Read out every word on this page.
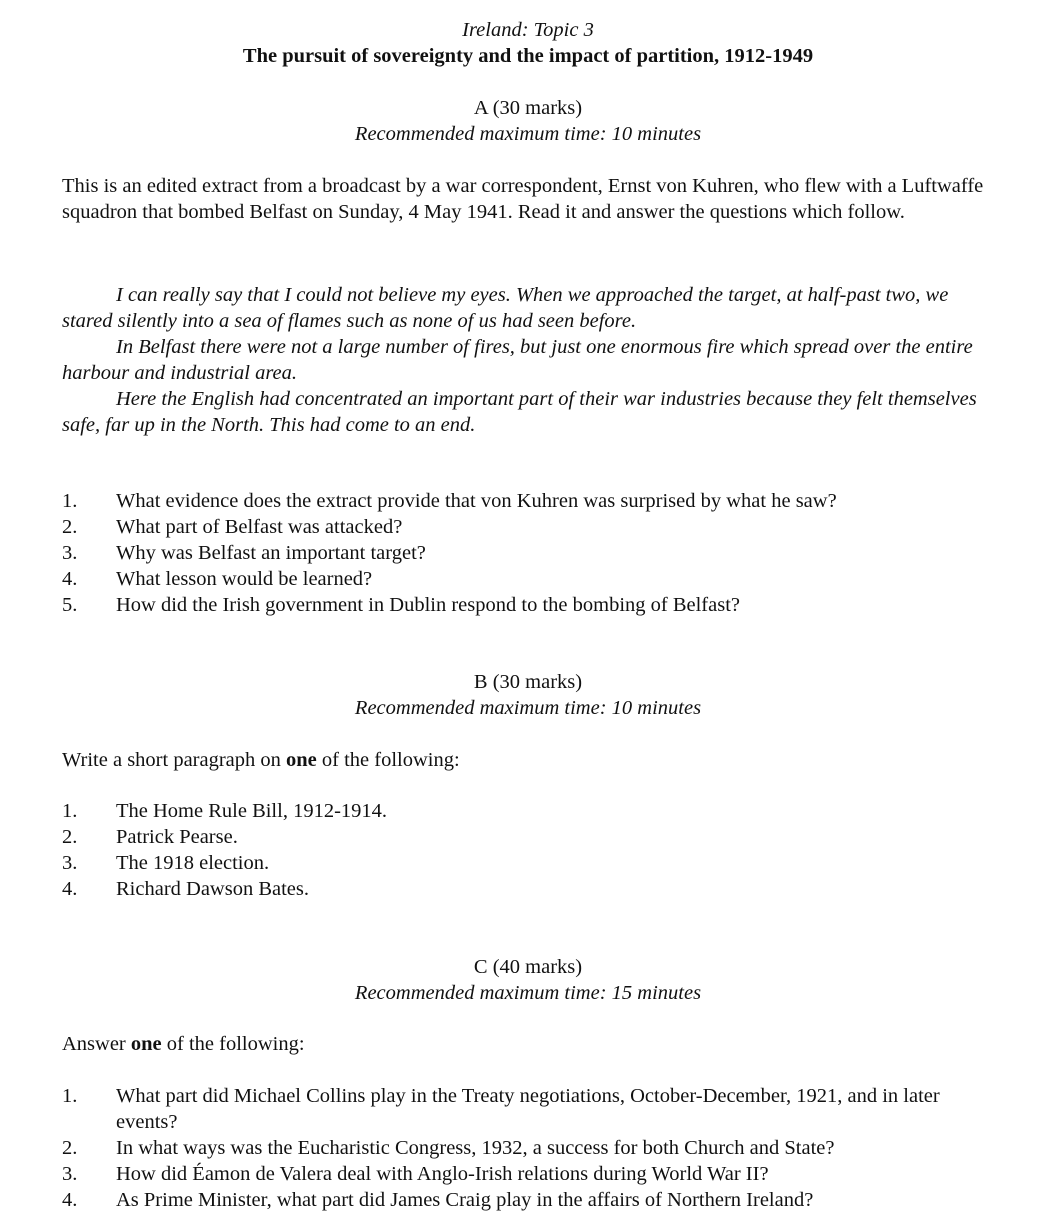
Ireland: Topic 3
The pursuit of sovereignty and the impact of partition, 1912-1949
A (30 marks)
Recommended maximum time: 10 minutes
This is an edited extract from a broadcast by a war correspondent, Ernst von Kuhren, who flew with a Luftwaffe squadron that bombed Belfast on Sunday, 4 May 1941. Read it and answer the questions which follow.

I can really say that I could not believe my eyes. When we approached the target, at half-past two, we stared silently into a sea of flames such as none of us had seen before.

In Belfast there were not a large number of fires, but just one enormous fire which spread over the entire harbour and industrial area.

Here the English had concentrated an important part of their war industries because they felt themselves safe, far up in the North. This had come to an end.

1.	What evidence does the extract provide that von Kuhren was surprised by what he saw?
2.	What part of Belfast was attacked?
3.	Why was Belfast an important target?
4.	What lesson would be learned?
5.	How did the Irish government in Dublin respond to the bombing of Belfast?
B (30 marks)
Recommended maximum time: 10 minutes
Write a short paragraph on one of the following:
1.	The Home Rule Bill, 1912-1914.
2.	Patrick Pearse.
3.	The 1918 election.
4.	Richard Dawson Bates.
C (40 marks)
Recommended maximum time: 15 minutes
Answer one of the following:
1.	What part did Michael Collins play in the Treaty negotiations, October-December, 1921, and in later events?
2.	In what ways was the Eucharistic Congress, 1932, a success for both Church and State?
3.	How did Éamon de Valera deal with Anglo-Irish relations during World War II?
4.	As Prime Minister, what part did James Craig play in the affairs of Northern Ireland?
